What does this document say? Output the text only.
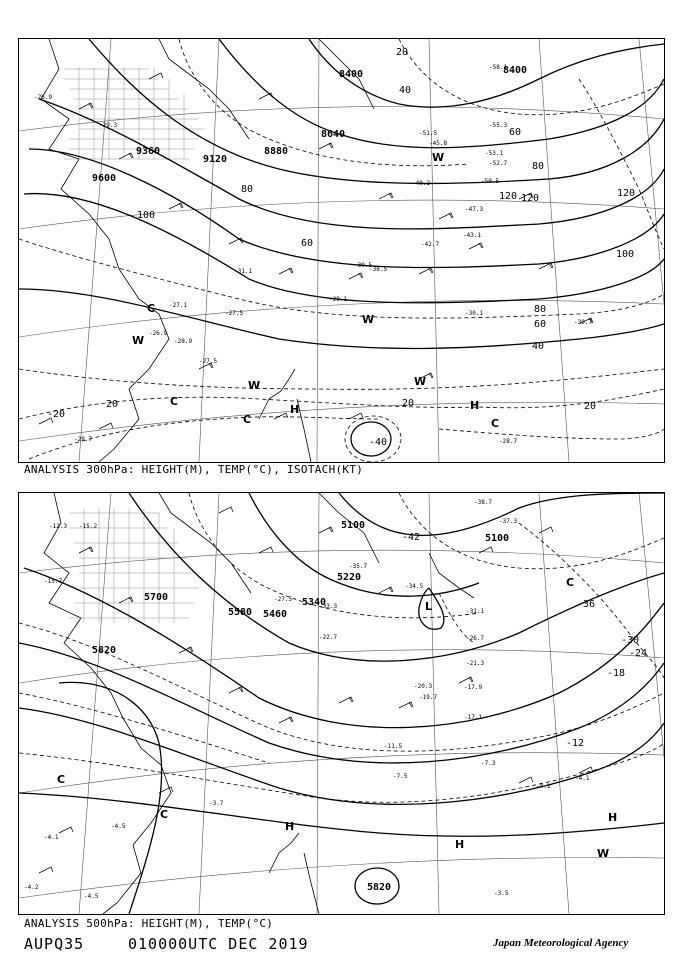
8400
8640
8880
9120
9360
9600
8400
20
40
60
80
100
120	120
100
80
60
40
20	20
20
60
80
120
-40
-20
W
C
W
C
C
H	H
W
C
W
W
-26.9
-27.1
-28.7
-29.3
-27.5
-39.5
-43.1
-47.3
-50.5
-53.1
-55.3
-58.1
-40.2
-30.1
-30.7
-28.1
-28.9
-31.1	-38.5
-42.7
-45.8
-51.5
-52.7
-27.5
-26.9
-28.7
ANALYSIS 300hPa: HEIGHT(M), TEMP(°C), ISOTACH(KT)
5100
5100
5220
5340
5460
5580
5700
5820
5820
-36
-30
-24
-18
-12
-42
L
C
C
C
H
H
H
W
-38.7
-37.3
-34.5
-31.1
-26.7
-21.3
-20.3	-17.9
-17.1
-11.5
-7.5
-7.3
-4.1
-4.1
-3.7
-4.5
-4.5	-3.5
-4.2
-4.1
-12.3 -15.2
-15.7
-22.7
-19.7
-27.5
-33.3
-35.7
ANALYSIS 500hPa: HEIGHT(M), TEMP(°C)
AUPQ35	010000UTC DEC 2019	Japan Meteorological Agency
